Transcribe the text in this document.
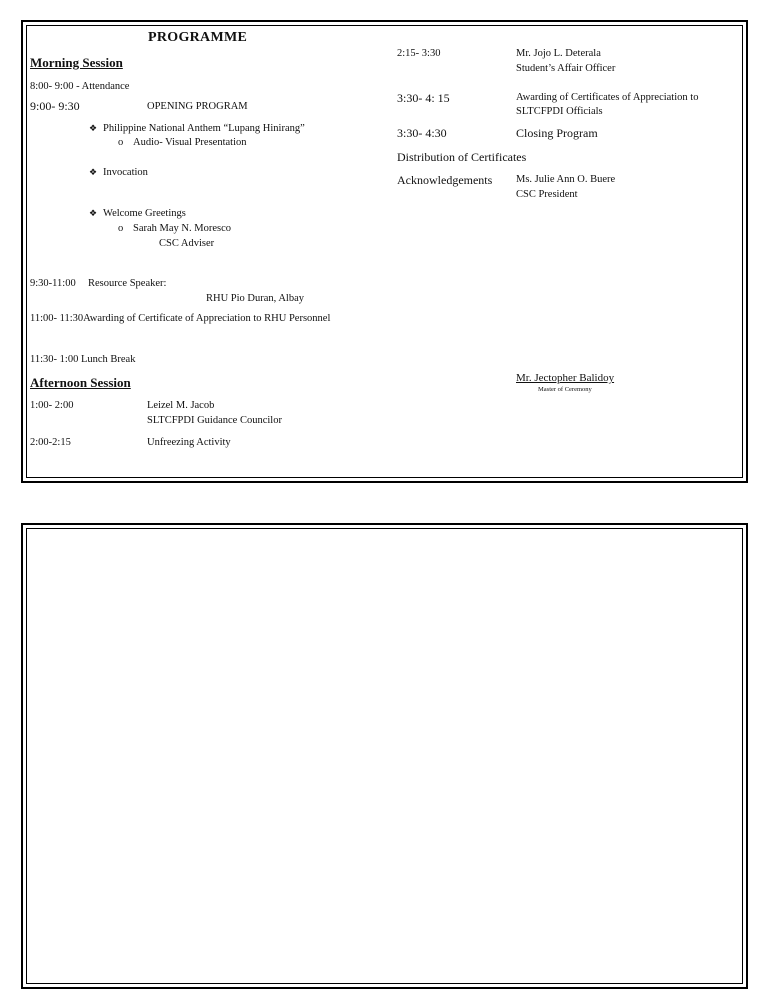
PROGRAMME
Morning Session
8:00- 9:00 - Attendance
9:00- 9:30	OPENING PROGRAM
❖ Philippine National Anthem “Lupang Hinirang”
o Audio- Visual Presentation
❖ Invocation
❖ Welcome Greetings
o Sarah May N. Moresco
CSC Adviser
9:30-11:00 Resource Speaker:
RHU Pio Duran, Albay
11:00- 11:30Awarding of Certificate of Appreciation to RHU Personnel
11:30- 1:00 Lunch Break
Afternoon Session
1:00- 2:00	Leizel M. Jacob
SLTCFPDI Guidance Councilor
2:00-2:15	Unfreezing Activity
2:15- 3:30	Mr. Jojo L. Deterala
Student’s Affair Officer
3:30- 4: 15	Awarding of Certificates of Appreciation to
SLTCFPDI Officials
3:30- 4:30	Closing Program
Distribution of Certificates
Acknowledgements Ms. Julie Ann O. Buere
CSC President
Mr. Jectopher Balidoy
Master of Ceremony
